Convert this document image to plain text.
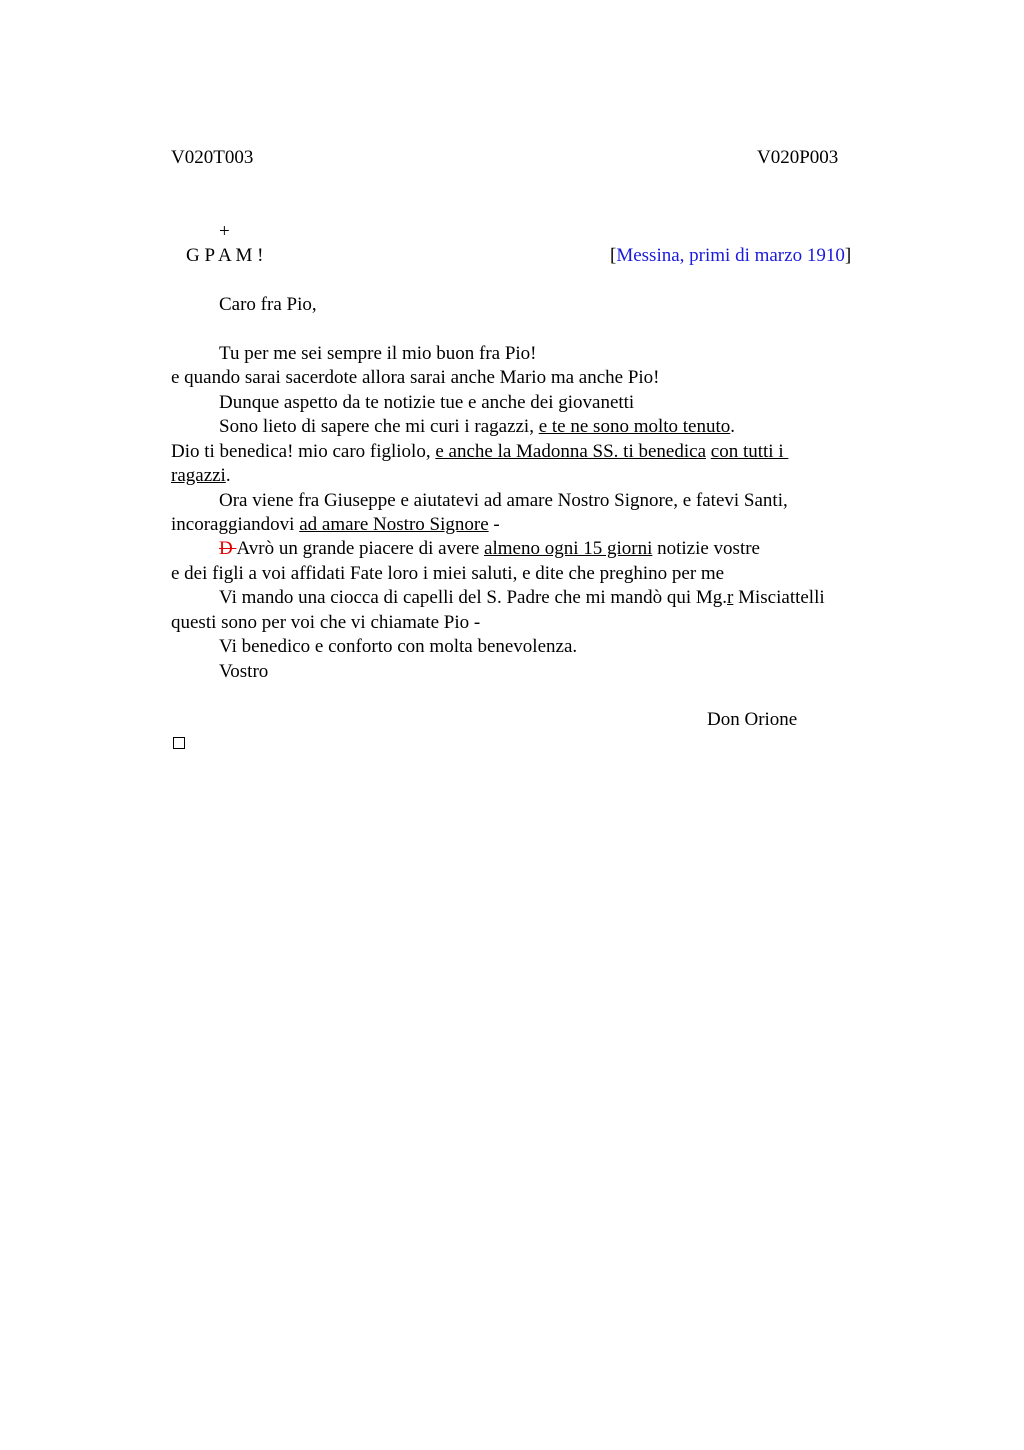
V020T003	V020P003
+
G P A M !	[Messina, primi di marzo 1910]
Caro fra Pio,
Tu per me sei sempre il mio buon fra Pio!
e quando sarai sacerdote allora sarai anche Mario ma anche Pio!
Dunque aspetto da te notizie tue e anche dei giovanetti
Sono lieto di sapere che mi curi i ragazzi, e te ne sono molto tenuto.
Dio ti benedica! mio caro figliolo, e anche la Madonna SS. ti benedica con tutti i
ragazzi.
Ora viene fra Giuseppe e aiutatevi ad amare Nostro Signore, e fatevi Santi,
incoraggiandovi ad amare Nostro Signore -
D Avrò un grande piacere di avere almeno ogni 15 giorni notizie vostre
e dei figli a voi affidati Fate loro i miei saluti, e dite che preghino per me
Vi mando una ciocca di capelli del S. Padre che mi mandò qui Mg.r Misciattelli
questi sono per voi che vi chiamate Pio -
Vi benedico e conforto con molta benevolenza.
Vostro
Don Orione
